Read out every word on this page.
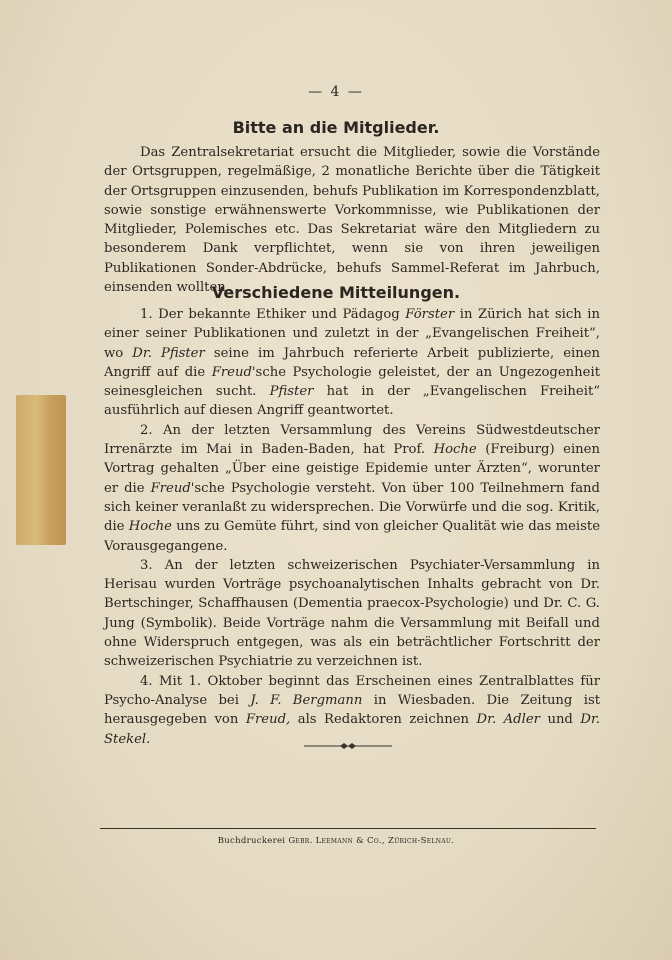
— 4 —
Bitte an die Mitglieder.

Das Zentralsekretariat ersucht die Mitglieder, sowie die Vorstände der Ortsgruppen, regelmäßige, 2 monatliche Berichte über die Tätigkeit der Ortsgruppen einzusenden, behufs Publikation im Korrespondenzblatt, sowie sonstige erwähnenswerte Vorkommnisse, wie Publikationen der Mitglieder, Polemisches etc. Das Sekretariat wäre den Mitgliedern zu besonderem Dank verpflichtet, wenn sie von ihren jeweiligen Publikationen Sonder-Abdrücke, behufs Sammel-Referat im Jahrbuch, einsenden wollten.

Verschiedene Mitteilungen.

1. Der bekannte Ethiker und Pädagog Förster in Zürich hat sich in einer seiner Publikationen und zuletzt in der „Evangelischen Freiheit“, wo Dr. Pfister seine im Jahrbuch referierte Arbeit publizierte, einen Angriff auf die Freud'sche Psychologie geleistet, der an Ungezogenheit seinesgleichen sucht. Pfister hat in der „Evangelischen Freiheit“ ausführlich auf diesen Angriff geantwortet.

2. An der letzten Versammlung des Vereins Südwestdeutscher Irrenärzte im Mai in Baden-Baden, hat Prof. Hoche (Freiburg) einen Vortrag gehalten „Über eine geistige Epidemie unter Ärzten“, worunter er die Freud'sche Psychologie versteht. Von über 100 Teilnehmern fand sich keiner veranlaßt zu widersprechen. Die Vorwürfe und die sog. Kritik, die Hoche uns zu Gemüte führt, sind von gleicher Qualität wie das meiste Vorausgegangene.

3. An der letzten schweizerischen Psychiater-Versammlung in Herisau wurden Vorträge psychoanalytischen Inhalts gebracht von Dr. Bertschinger, Schaffhausen (Dementia praecox-Psychologie) und Dr. C. G. Jung (Symbolik). Beide Vorträge nahm die Versammlung mit Beifall und ohne Widerspruch entgegen, was als ein beträchtlicher Fortschritt der schweizerischen Psychiatrie zu verzeichnen ist.

4. Mit 1. Oktober beginnt das Erscheinen eines Zentralblattes für Psycho-Analyse bei J. F. Bergmann in Wiesbaden. Die Zeitung ist herausgegeben von Freud, als Redaktoren zeichnen Dr. Adler und Dr. Stekel.

Buchdruckerei Gebr. Leemann & Co., Zürich-Selnau.
